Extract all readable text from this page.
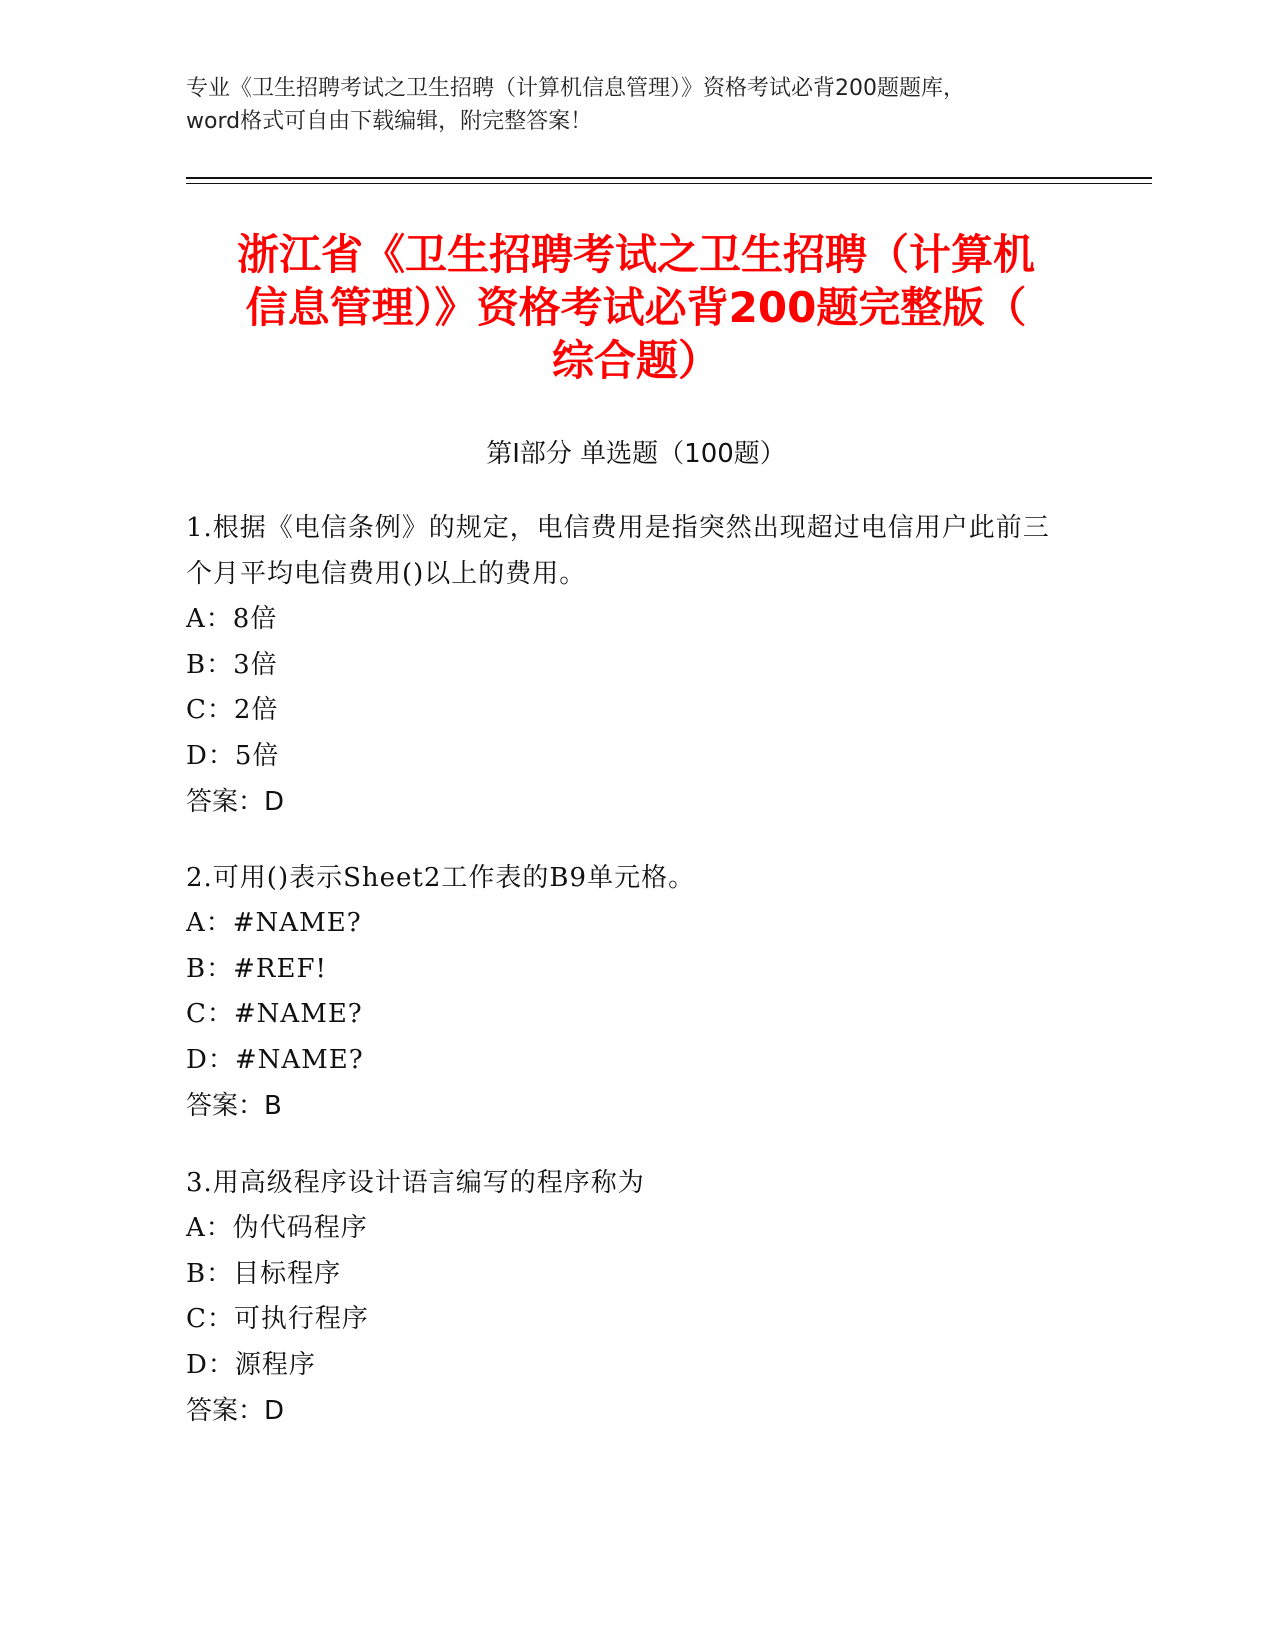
专业《卫生招聘考试之卫生招聘（计算机信息管理）》资格考试必背200题题库，
word格式可自由下载编辑，附完整答案！
浙江省《卫生招聘考试之卫生招聘（计算机
信息管理）》资格考试必背200题完整版（
综合题）
第Ⅰ部分 单选题（100题）
1.根据《电信条例》的规定，电信费用是指突然出现超过电信用户此前三个月平均电信费用()以上的费用。
A：8倍
B：3倍
C：2倍
D：5倍
答案：D
2.可用()表示Sheet2工作表的B9单元格。
A：#NAME?
B：#REF!
C：#NAME?
D：#NAME?
答案：B
3.用高级程序设计语言编写的程序称为
A：伪代码程序
B：目标程序
C：可执行程序
D：源程序
答案：D
